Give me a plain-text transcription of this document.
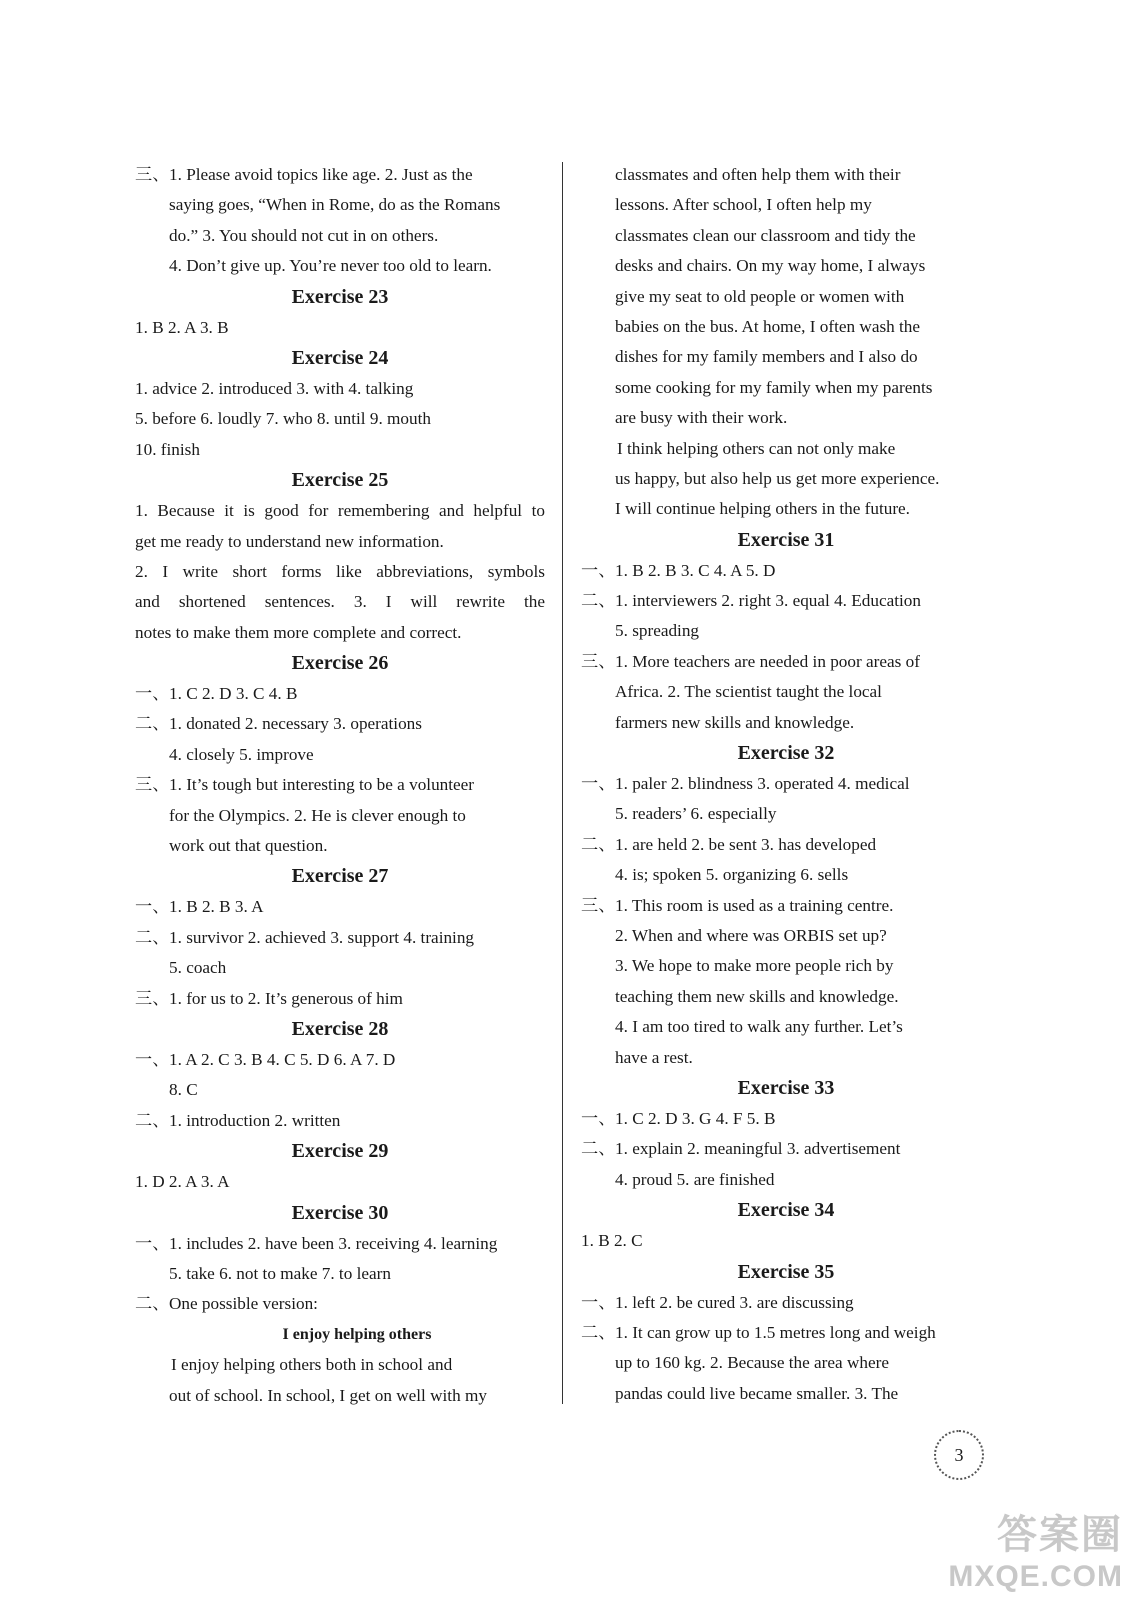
三、1. Please avoid topics like age. 2. Just as the
saying goes, “When in Rome, do as the Romans
do.” 3. You should not cut in on others.
4. Don’t give up. You’re never too old to learn.
Exercise 23
1. B 2. A 3. B
Exercise 24
1. advice 2. introduced 3. with 4. talking
5. before 6. loudly 7. who 8. until 9. mouth
10. finish
Exercise 25
1. Because it is good for remembering and helpful to
get me ready to understand new information.
2. I write short forms like abbreviations, symbols
and shortened sentences. 3. I will rewrite the
notes to make them more complete and correct.
Exercise 26
一、1. C 2. D 3. C 4. B
二、1. donated 2. necessary 3. operations
4. closely 5. improve
三、1. It’s tough but interesting to be a volunteer
for the Olympics. 2. He is clever enough to
work out that question.
Exercise 27
一、1. B 2. B 3. A
二、1. survivor 2. achieved 3. support 4. training
5. coach
三、1. for us to 2. It’s generous of him
Exercise 28
一、1. A 2. C 3. B 4. C 5. D 6. A 7. D
8. C
二、1. introduction 2. written
Exercise 29
1. D 2. A 3. A
Exercise 30
一、1. includes 2. have been 3. receiving 4. learning
5. take 6. not to make 7. to learn
二、One possible version:
I enjoy helping others
I enjoy helping others both in school and
out of school. In school, I get on well with my
classmates and often help them with their
lessons. After school, I often help my
classmates clean our classroom and tidy the
desks and chairs. On my way home, I always
give my seat to old people or women with
babies on the bus. At home, I often wash the
dishes for my family members and I also do
some cooking for my family when my parents
are busy with their work.
I think helping others can not only make
us happy, but also help us get more experience.
I will continue helping others in the future.
Exercise 31
一、1. B 2. B 3. C 4. A 5. D
二、1. interviewers 2. right 3. equal 4. Education
5. spreading
三、1. More teachers are needed in poor areas of
Africa. 2. The scientist taught the local
farmers new skills and knowledge.
Exercise 32
一、1. paler 2. blindness 3. operated 4. medical
5. readers’ 6. especially
二、1. are held 2. be sent 3. has developed
4. is; spoken 5. organizing 6. sells
三、1. This room is used as a training centre.
2. When and where was ORBIS set up?
3. We hope to make more people rich by
teaching them new skills and knowledge.
4. I am too tired to walk any further. Let’s
have a rest.
Exercise 33
一、1. C 2. D 3. G 4. F 5. B
二、1. explain 2. meaningful 3. advertisement
4. proud 5. are finished
Exercise 34
1. B 2. C
Exercise 35
一、1. left 2. be cured 3. are discussing
二、1. It can grow up to 1.5 metres long and weigh
up to 160 kg. 2. Because the area where
pandas could live became smaller. 3. The
3
答案圈
MXQE.COM
